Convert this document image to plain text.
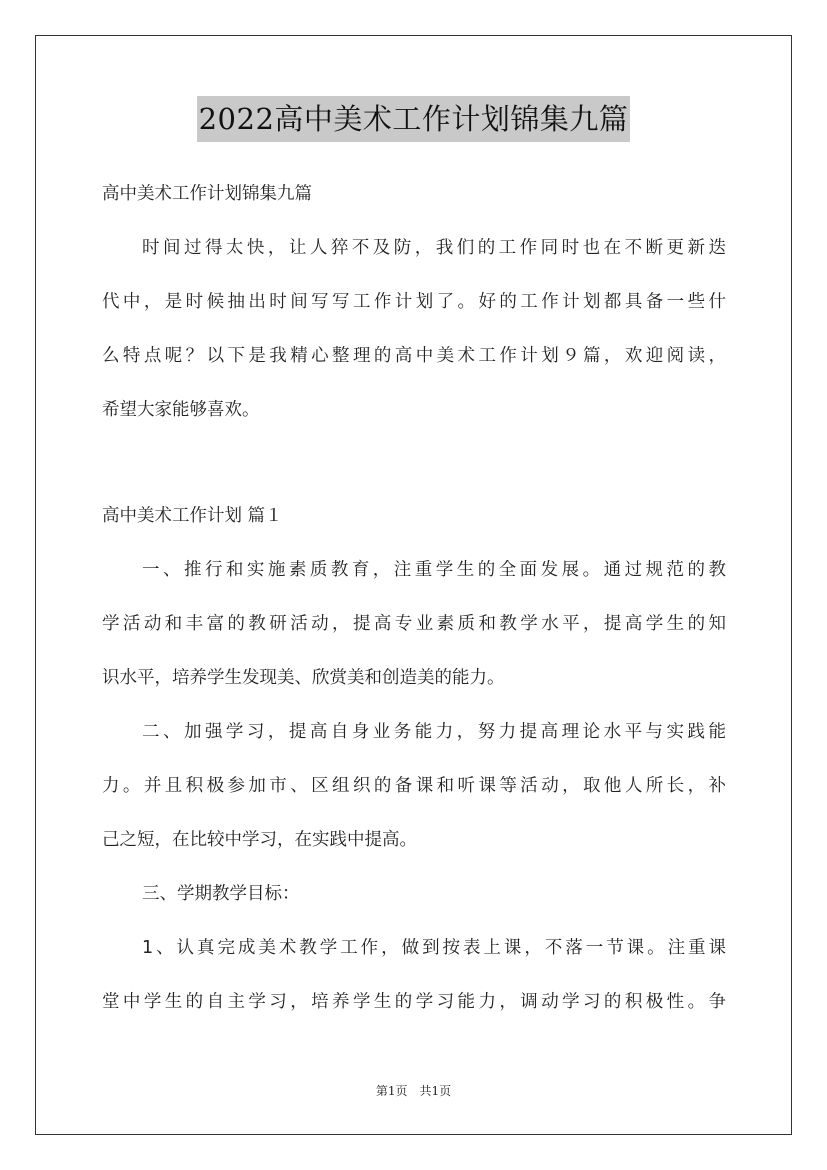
2022高中美术工作计划锦集九篇
高中美术工作计划锦集九篇
时间过得太快，让人猝不及防，我们的工作同时也在不断更新迭
代中，是时候抽出时间写写工作计划了。好的工作计划都具备一些什
么特点呢？以下是我精心整理的高中美术工作计划９篇，欢迎阅读，
希望大家能够喜欢。
高中美术工作计划 篇１
一、推行和实施素质教育，注重学生的全面发展。通过规范的教
学活动和丰富的教研活动，提高专业素质和教学水平，提高学生的知
识水平，培养学生发现美、欣赏美和创造美的能力。
二、加强学习，提高自身业务能力，努力提高理论水平与实践能
力。并且积极参加市、区组织的备课和听课等活动，取他人所长，补
己之短，在比较中学习，在实践中提高。
三、学期教学目标：
1、认真完成美术教学工作，做到按表上课，不落一节课。注重课
堂中学生的自主学习，培养学生的学习能力，调动学习的积极性。争
第1页　共1页
